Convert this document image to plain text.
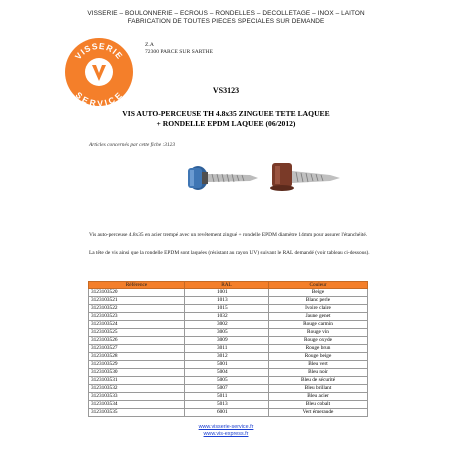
VISSERIE – BOULONNERIE – ECROUS – RONDELLES – DECOLLETAGE – INOX – LAITON
FABRICATION DE TOUTES PIECES SPECIALES SUR DEMANDE
VISSERIE
SERVICE
Z.A
72300 PARCE SUR SARTHE
VS3123
VIS AUTO-PERCEUSE TH 4.8x35 ZINGUEE TETE LAQUEE
+ RONDELLE EPDM LAQUEE (06/2012)
Articles concernés par cette fiche :3123
Vis auto-perceuse 4.8x35 en acier trempé avec un revêtement zingué + rondelle EPDM diamètre 14mm pour assurer l'étanchéité.
La tête de vis ainsi que la rondelle EPDM sont laquées (résistant au rayon UV) suivant le RAL demandé (voir tableau ci-dessous).
Référence	RAL	Couleur
3123103520	1001	Beige
3123103521	1013	Blanc perle
3123103522	1015	Ivoire claire
3123103523	1032	Jaune genet
3123103524	3002	Rouge carmin
3123103525	3005	Rouge vin
3123103526	3009	Rouge oxyde
3123103527	3011	Rouge brun
3123103528	3012	Rouge beige
3123103529	5001	Bleu vert
3123103530	5004	Bleu noir
3123103531	5005	Bleu de sécurité
3123103532	5007	Bleu brillant
3123103533	5011	Bleu acier
3123103534	5013	Bleu cobalt
3123103535	6001	Vert émeraude
www.visserie-service.fr
www.vis-express.fr
